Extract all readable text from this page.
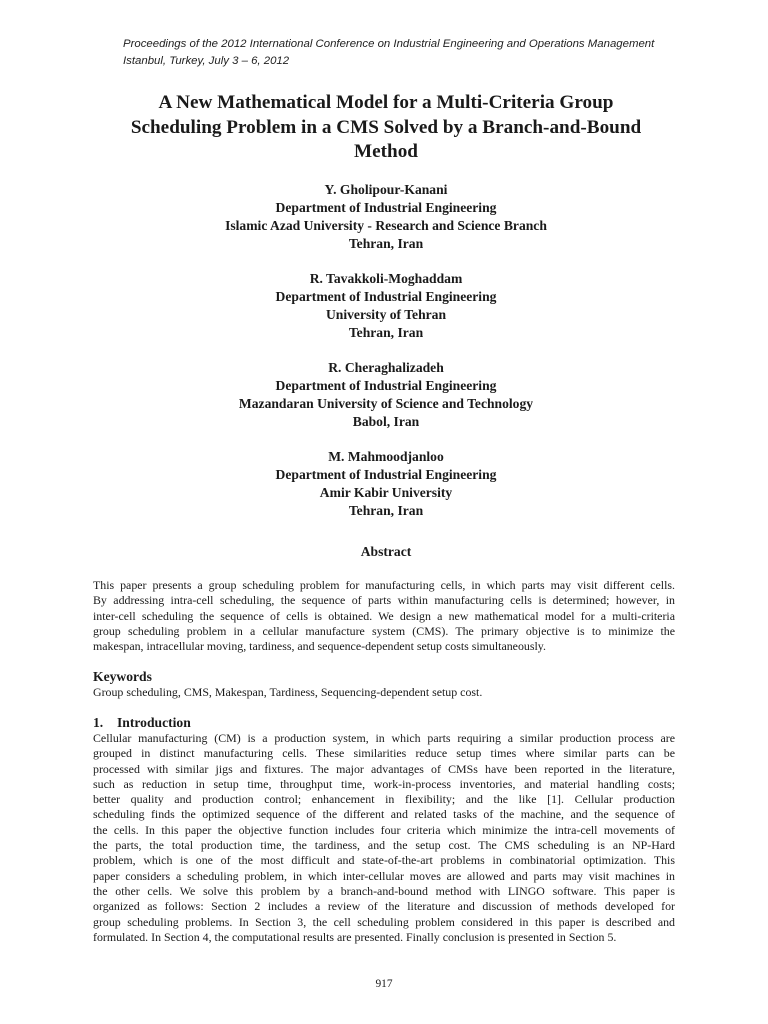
Proceedings of the 2012 International Conference on Industrial Engineering and Operations Management
Istanbul, Turkey, July 3 – 6, 2012
A New Mathematical Model for a Multi-Criteria Group
Scheduling Problem in a CMS Solved by a Branch-and-Bound
Method
Y. Gholipour-Kanani
Department of Industrial Engineering
Islamic Azad University - Research and Science Branch
Tehran, Iran
R. Tavakkoli-Moghaddam
Department of Industrial Engineering
University of Tehran
Tehran, Iran
R. Cheraghalizadeh
Department of Industrial Engineering
Mazandaran University of Science and Technology
Babol, Iran
M. Mahmoodjanloo
Department of Industrial Engineering
Amir Kabir University
Tehran, Iran
Abstract
This paper presents a group scheduling problem for manufacturing cells, in which parts may visit different cells.
By addressing intra-cell scheduling, the sequence of parts within manufacturing cells is determined; however, in
inter-cell scheduling the sequence of cells is obtained. We design a new mathematical model for a multi-criteria
group scheduling problem in a cellular manufacture system (CMS). The primary objective is to minimize the
makespan, intracellular moving, tardiness, and sequence-dependent setup costs simultaneously.
Keywords
Group scheduling, CMS, Makespan, Tardiness, Sequencing-dependent setup cost.
1. Introduction
Cellular manufacturing (CM) is a production system, in which parts requiring a similar production process are
grouped in distinct manufacturing cells. These similarities reduce setup times where similar parts can be
processed with similar jigs and fixtures. The major advantages of CMSs have been reported in the literature,
such as reduction in setup time, throughput time, work-in-process inventories, and material handling costs;
better quality and production control; enhancement in flexibility; and the like [1]. Cellular production
scheduling finds the optimized sequence of the different and related tasks of the machine, and the sequence of
the cells. In this paper the objective function includes four criteria which minimize the intra-cell movements of
the parts, the total production time, the tardiness, and the setup cost. The CMS scheduling is an NP-Hard
problem, which is one of the most difficult and state-of-the-art problems in combinatorial optimization. This
paper considers a scheduling problem, in which inter-cellular moves are allowed and parts may visit machines in
the other cells. We solve this problem by a branch-and-bound method with LINGO software. This paper is
organized as follows: Section 2 includes a review of the literature and discussion of methods developed for
group scheduling problems. In Section 3, the cell scheduling problem considered in this paper is described and
formulated. In Section 4, the computational results are presented. Finally conclusion is presented in Section 5.
917
